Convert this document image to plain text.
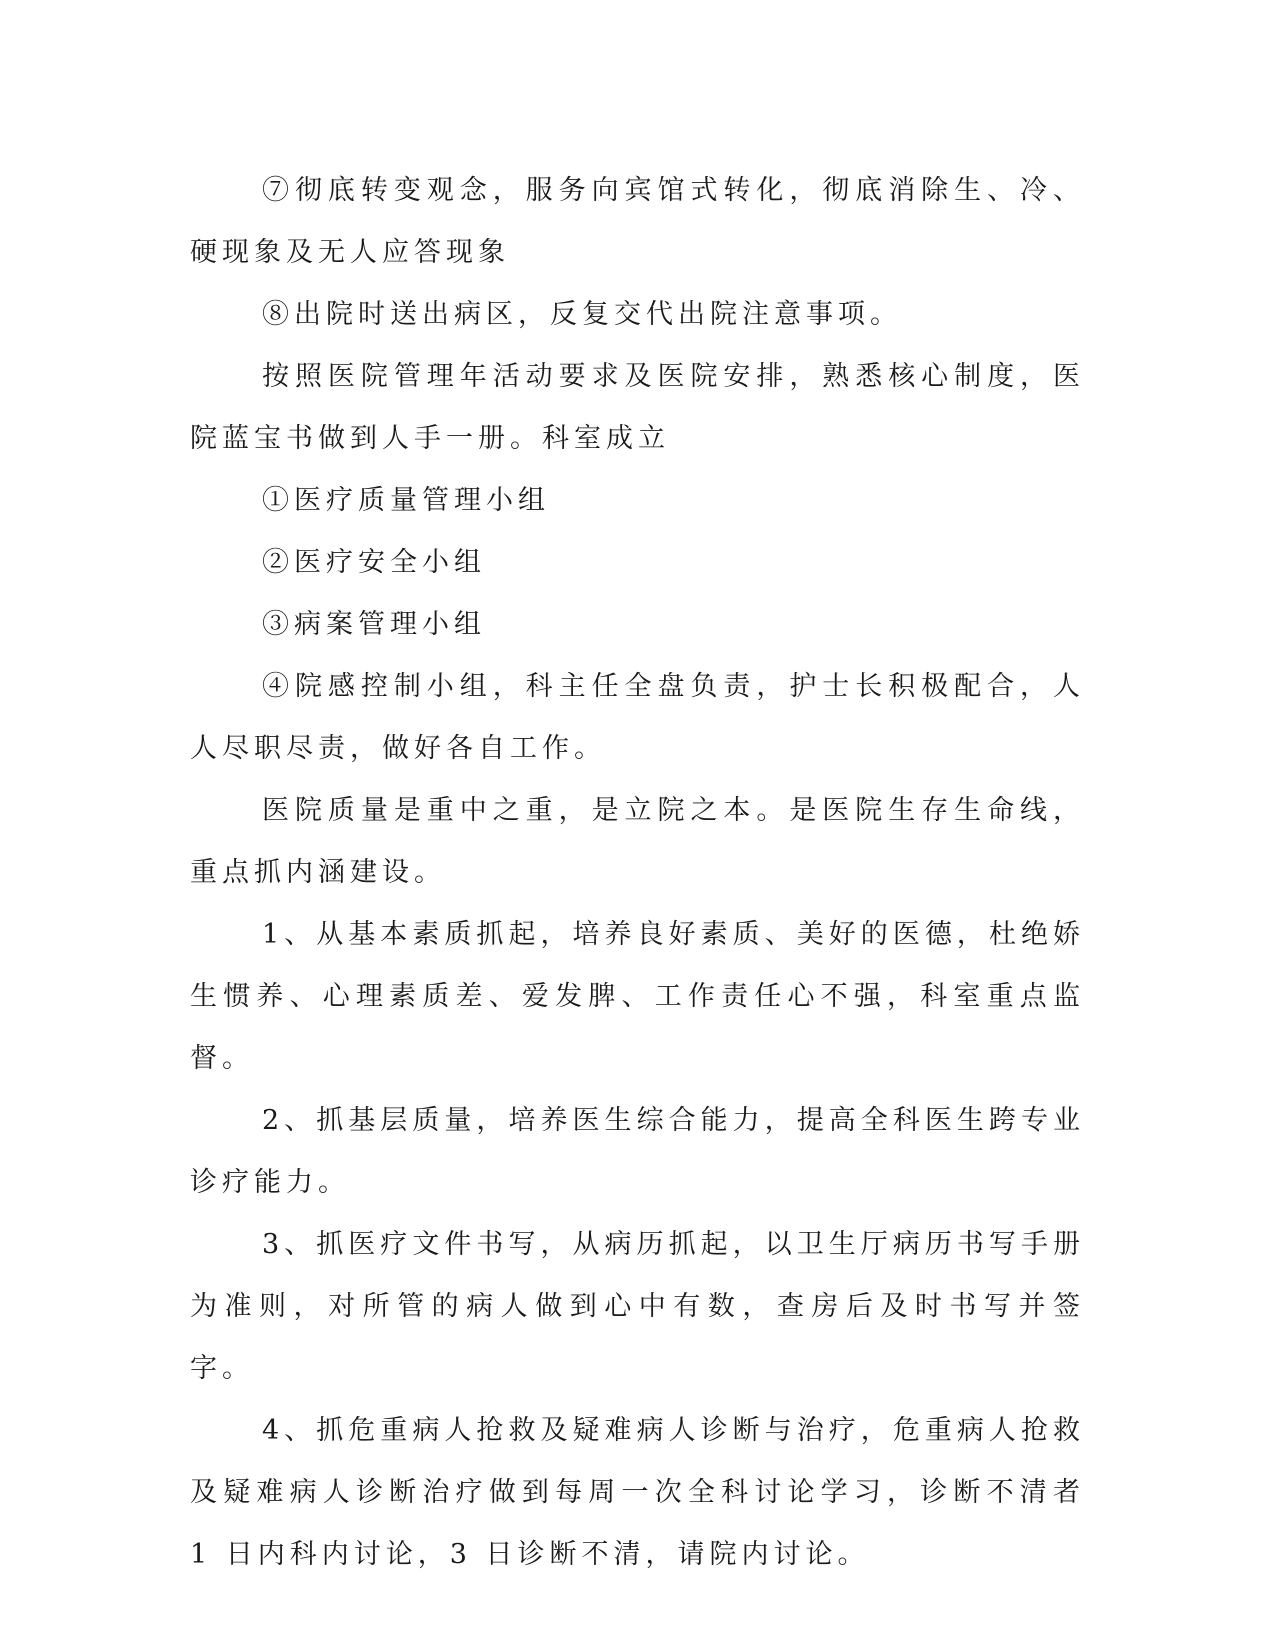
⑦彻底转变观念，服务向宾馆式转化，彻底消除生、冷、硬现象及无人应答现象

⑧出院时送出病区，反复交代出院注意事项。

按照医院管理年活动要求及医院安排，熟悉核心制度，医院蓝宝书做到人手一册。科室成立

①医疗质量管理小组

②医疗安全小组

③病案管理小组

④院感控制小组，科主任全盘负责，护士长积极配合，人人尽职尽责，做好各自工作。

医院质量是重中之重，是立院之本。是医院生存生命线，重点抓内涵建设。

1、从基本素质抓起，培养良好素质、美好的医德，杜绝娇生惯养、心理素质差、爱发脾、工作责任心不强，科室重点监督。

2、抓基层质量，培养医生综合能力，提高全科医生跨专业诊疗能力。

3、抓医疗文件书写，从病历抓起，以卫生厅病历书写手册为准则，对所管的病人做到心中有数，查房后及时书写并签字。

4、抓危重病人抢救及疑难病人诊断与治疗，危重病人抢救及疑难病人诊断治疗做到每周一次全科讨论学习，诊断不清者 1 日内科内讨论，3 日诊断不清，请院内讨论。
